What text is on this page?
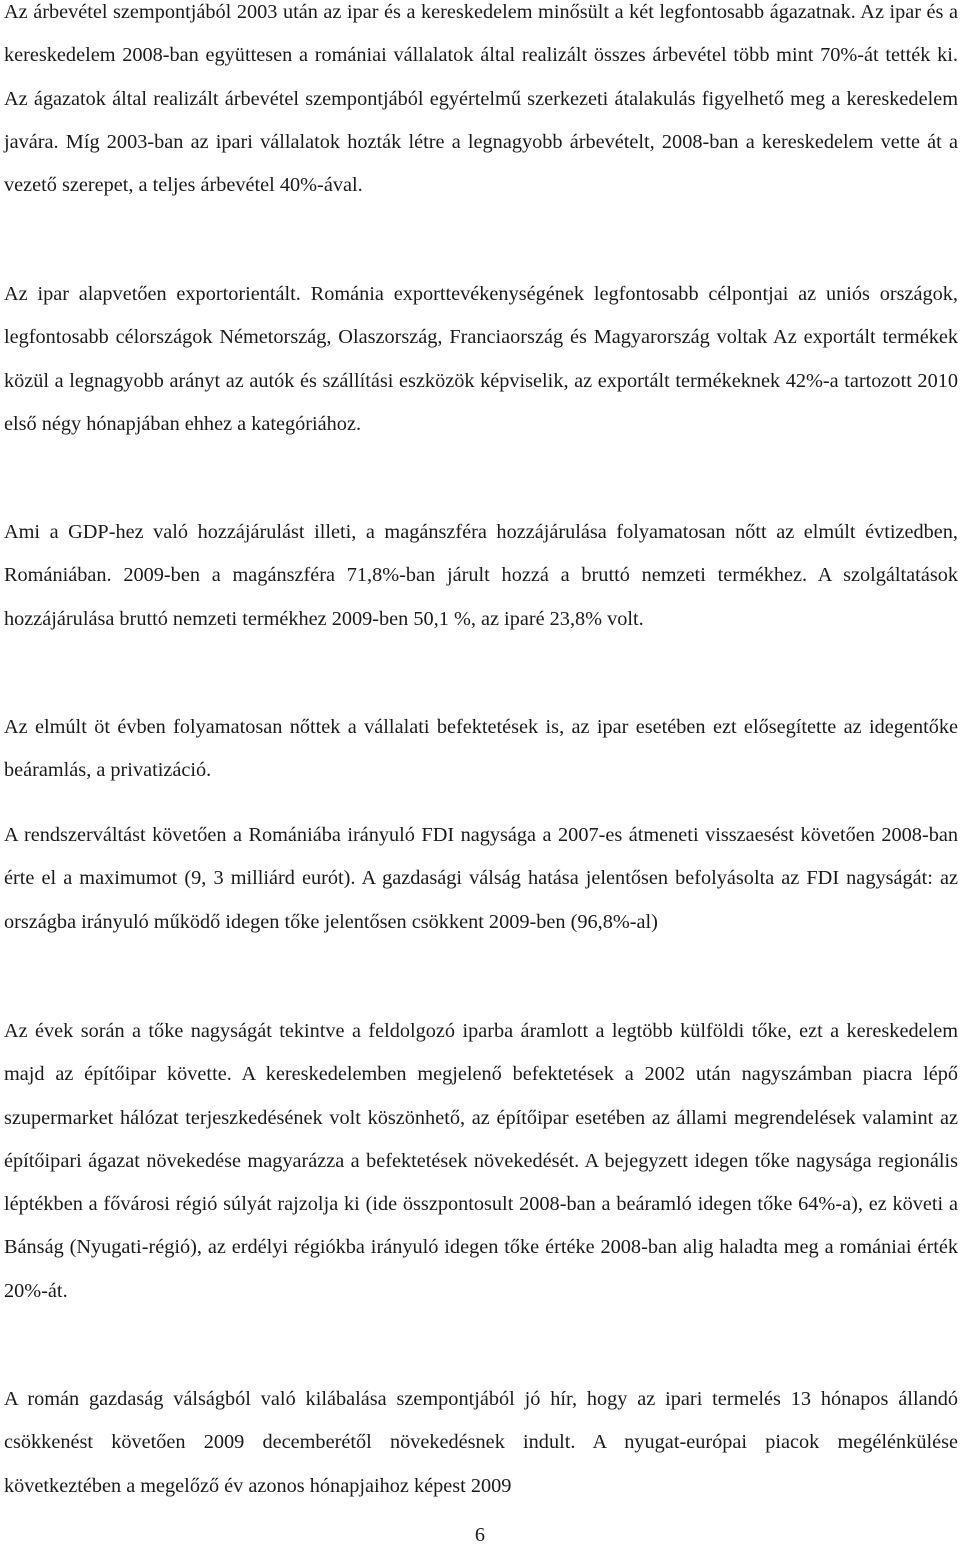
Az árbevétel szempontjából 2003 után az ipar és a kereskedelem minősült a két legfontosabb ágazatnak. Az ipar és a kereskedelem 2008-ban együttesen a romániai vállalatok által realizált összes árbevétel több mint 70%-át tették ki. Az ágazatok által realizált árbevétel szempontjából egyértelmű szerkezeti átalakulás figyelhető meg a kereskedelem javára. Míg 2003-ban az ipari vállalatok hozták létre a legnagyobb árbevételt, 2008-ban a kereskedelem vette át a vezető szerepet, a teljes árbevétel 40%-ával.

Az ipar alapvetően exportorientált. Románia exporttevékenységének legfontosabb célpontjai az uniós országok, legfontosabb célországok Németország, Olaszország, Franciaország és Magyarország voltak Az exportált termékek közül a legnagyobb arányt az autók és szállítási eszközök képviselik, az exportált termékeknek 42%-a tartozott 2010 első négy hónapjában ehhez a kategóriához.

Ami a GDP-hez való hozzájárulást illeti, a magánszféra hozzájárulása folyamatosan nőtt az elmúlt évtizedben, Romániában. 2009-ben a magánszféra 71,8%-ban járult hozzá a bruttó nemzeti termékhez. A szolgáltatások hozzájárulása bruttó nemzeti termékhez 2009-ben 50,1 %, az iparé 23,8% volt.

Az elmúlt öt évben folyamatosan nőttek a vállalati befektetések is, az ipar esetében ezt elősegítette az idegentőke beáramlás, a privatizáció.

A rendszerváltást követően a Romániába irányuló FDI nagysága a 2007-es átmeneti visszaesést követően 2008-ban érte el a maximumot (9, 3 milliárd eurót). A gazdasági válság hatása jelentősen befolyásolta az FDI nagyságát: az országba irányuló működő idegen tőke jelentősen csökkent 2009-ben (96,8%-al)

Az évek során a tőke nagyságát tekintve a feldolgozó iparba áramlott a legtöbb külföldi tőke, ezt a kereskedelem majd az építőipar követte. A kereskedelemben megjelenő befektetések a 2002 után nagyszámban piacra lépő szupermarket hálózat terjeszkedésének volt köszönhető, az építőipar esetében az állami megrendelések valamint az építőipari ágazat növekedése magyarázza a befektetések növekedését. A bejegyzett idegen tőke nagysága regionális léptékben a fővárosi régió súlyát rajzolja ki (ide összpontosult 2008-ban a beáramló idegen tőke 64%-a), ez követi a Bánság (Nyugati-régió), az erdélyi régiókba irányuló idegen tőke értéke 2008-ban alig haladta meg a romániai érték 20%-át.

A román gazdaság válságból való kilábalása szempontjából jó hír, hogy az ipari termelés 13 hónapos állandó csökkenést követően 2009 decemberétől növekedésnek indult. A nyugat-európai piacok megélénkülése következtében a megelőző év azonos hónapjaihoz képest 2009

6
